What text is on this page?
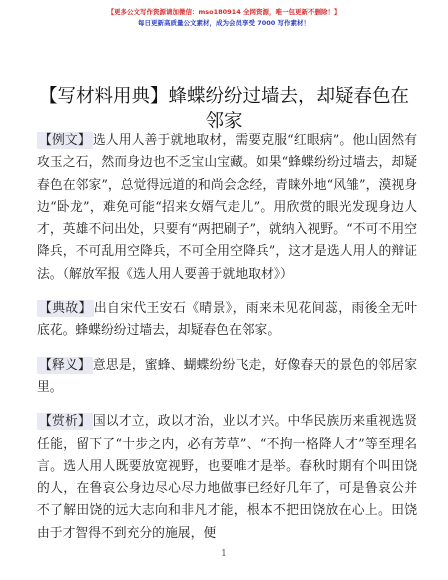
【更多公文写作资源请加微信：mso180914 全网资源，唯一包更新不删除！】
每日更新高质量公文素材，成为会员享受 7000 写作素材！
【写材料用典】蜂蝶纷纷过墙去，却疑春色在邻家

【例文】 选人用人善于就地取材，需要克服“红眼病”。他山固然有攻玉之石，然而身边也不乏宝山宝藏。如果“蜂蝶纷纷过墙去，却疑春色在邻家”，总觉得远道的和尚会念经，青睐外地“风雏”，漠视身边“卧龙”，难免可能“招来女婿气走儿”。用欣赏的眼光发现身边人才，英雄不问出处，只要有“两把刷子”，就纳入视野。“不可不用空降兵，不可乱用空降兵，不可全用空降兵”，这才是选人用人的辩证法。（解放军报《选人用人要善于就地取材》）

【典故】 出自宋代王安石《晴景》，雨来未见花间蕊，雨後全无叶底花。蜂蝶纷纷过墙去，却疑春色在邻家。

【释义】 意思是，蜜蜂、蝴蝶纷纷飞走，好像春天的景色的邻居家里。

【赏析】 国以才立，政以才治，业以才兴。中华民族历来重视选贤任能，留下了“十步之内，必有芳草”、“不拘一格降人才”等至理名言。选人用人既要放宽视野，也要唯才是举。春秋时期有个叫田饶的人，在鲁哀公身边尽心尽力地做事已经好几年了，可是鲁哀公并不了解田饶的远大志向和非凡才能，根本不把田饶放在心上。田饶由于才智得不到充分的施展，便

1
